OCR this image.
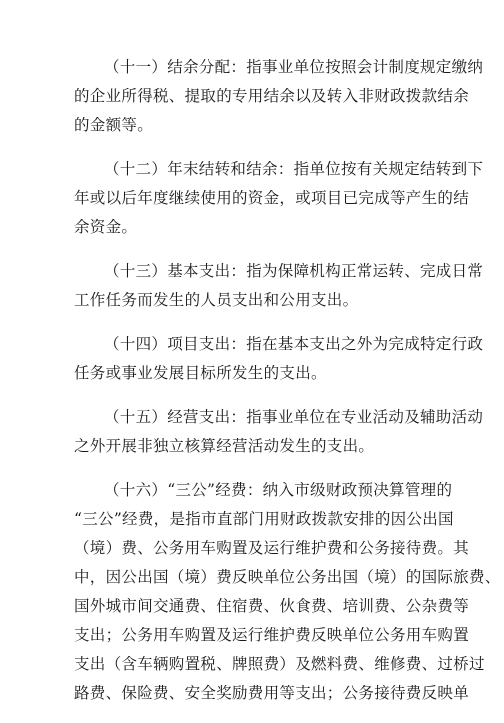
（十一）结余分配：指事业单位按照会计制度规定缴纳
的企业所得税、提取的专用结余以及转入非财政拨款结余
的金额等。
（十二）年末结转和结余：指单位按有关规定结转到下
年或以后年度继续使用的资金，或项目已完成等产生的结
余资金。
（十三）基本支出：指为保障机构正常运转、完成日常
工作任务而发生的人员支出和公用支出。
（十四）项目支出：指在基本支出之外为完成特定行政
任务或事业发展目标所发生的支出。
（十五）经营支出：指事业单位在专业活动及辅助活动
之外开展非独立核算经营活动发生的支出。
（十六）“三公”经费：纳入市级财政预决算管理的
“三公”经费，是指市直部门用财政拨款安排的因公出国
（境）费、公务用车购置及运行维护费和公务接待费。其
中，因公出国（境）费反映单位公务出国（境）的国际旅费、
国外城市间交通费、住宿费、伙食费、培训费、公杂费等
支出；公务用车购置及运行维护费反映单位公务用车购置
支出（含车辆购置税、牌照费）及燃料费、维修费、过桥过
路费、保险费、安全奖励费用等支出；公务接待费反映单
